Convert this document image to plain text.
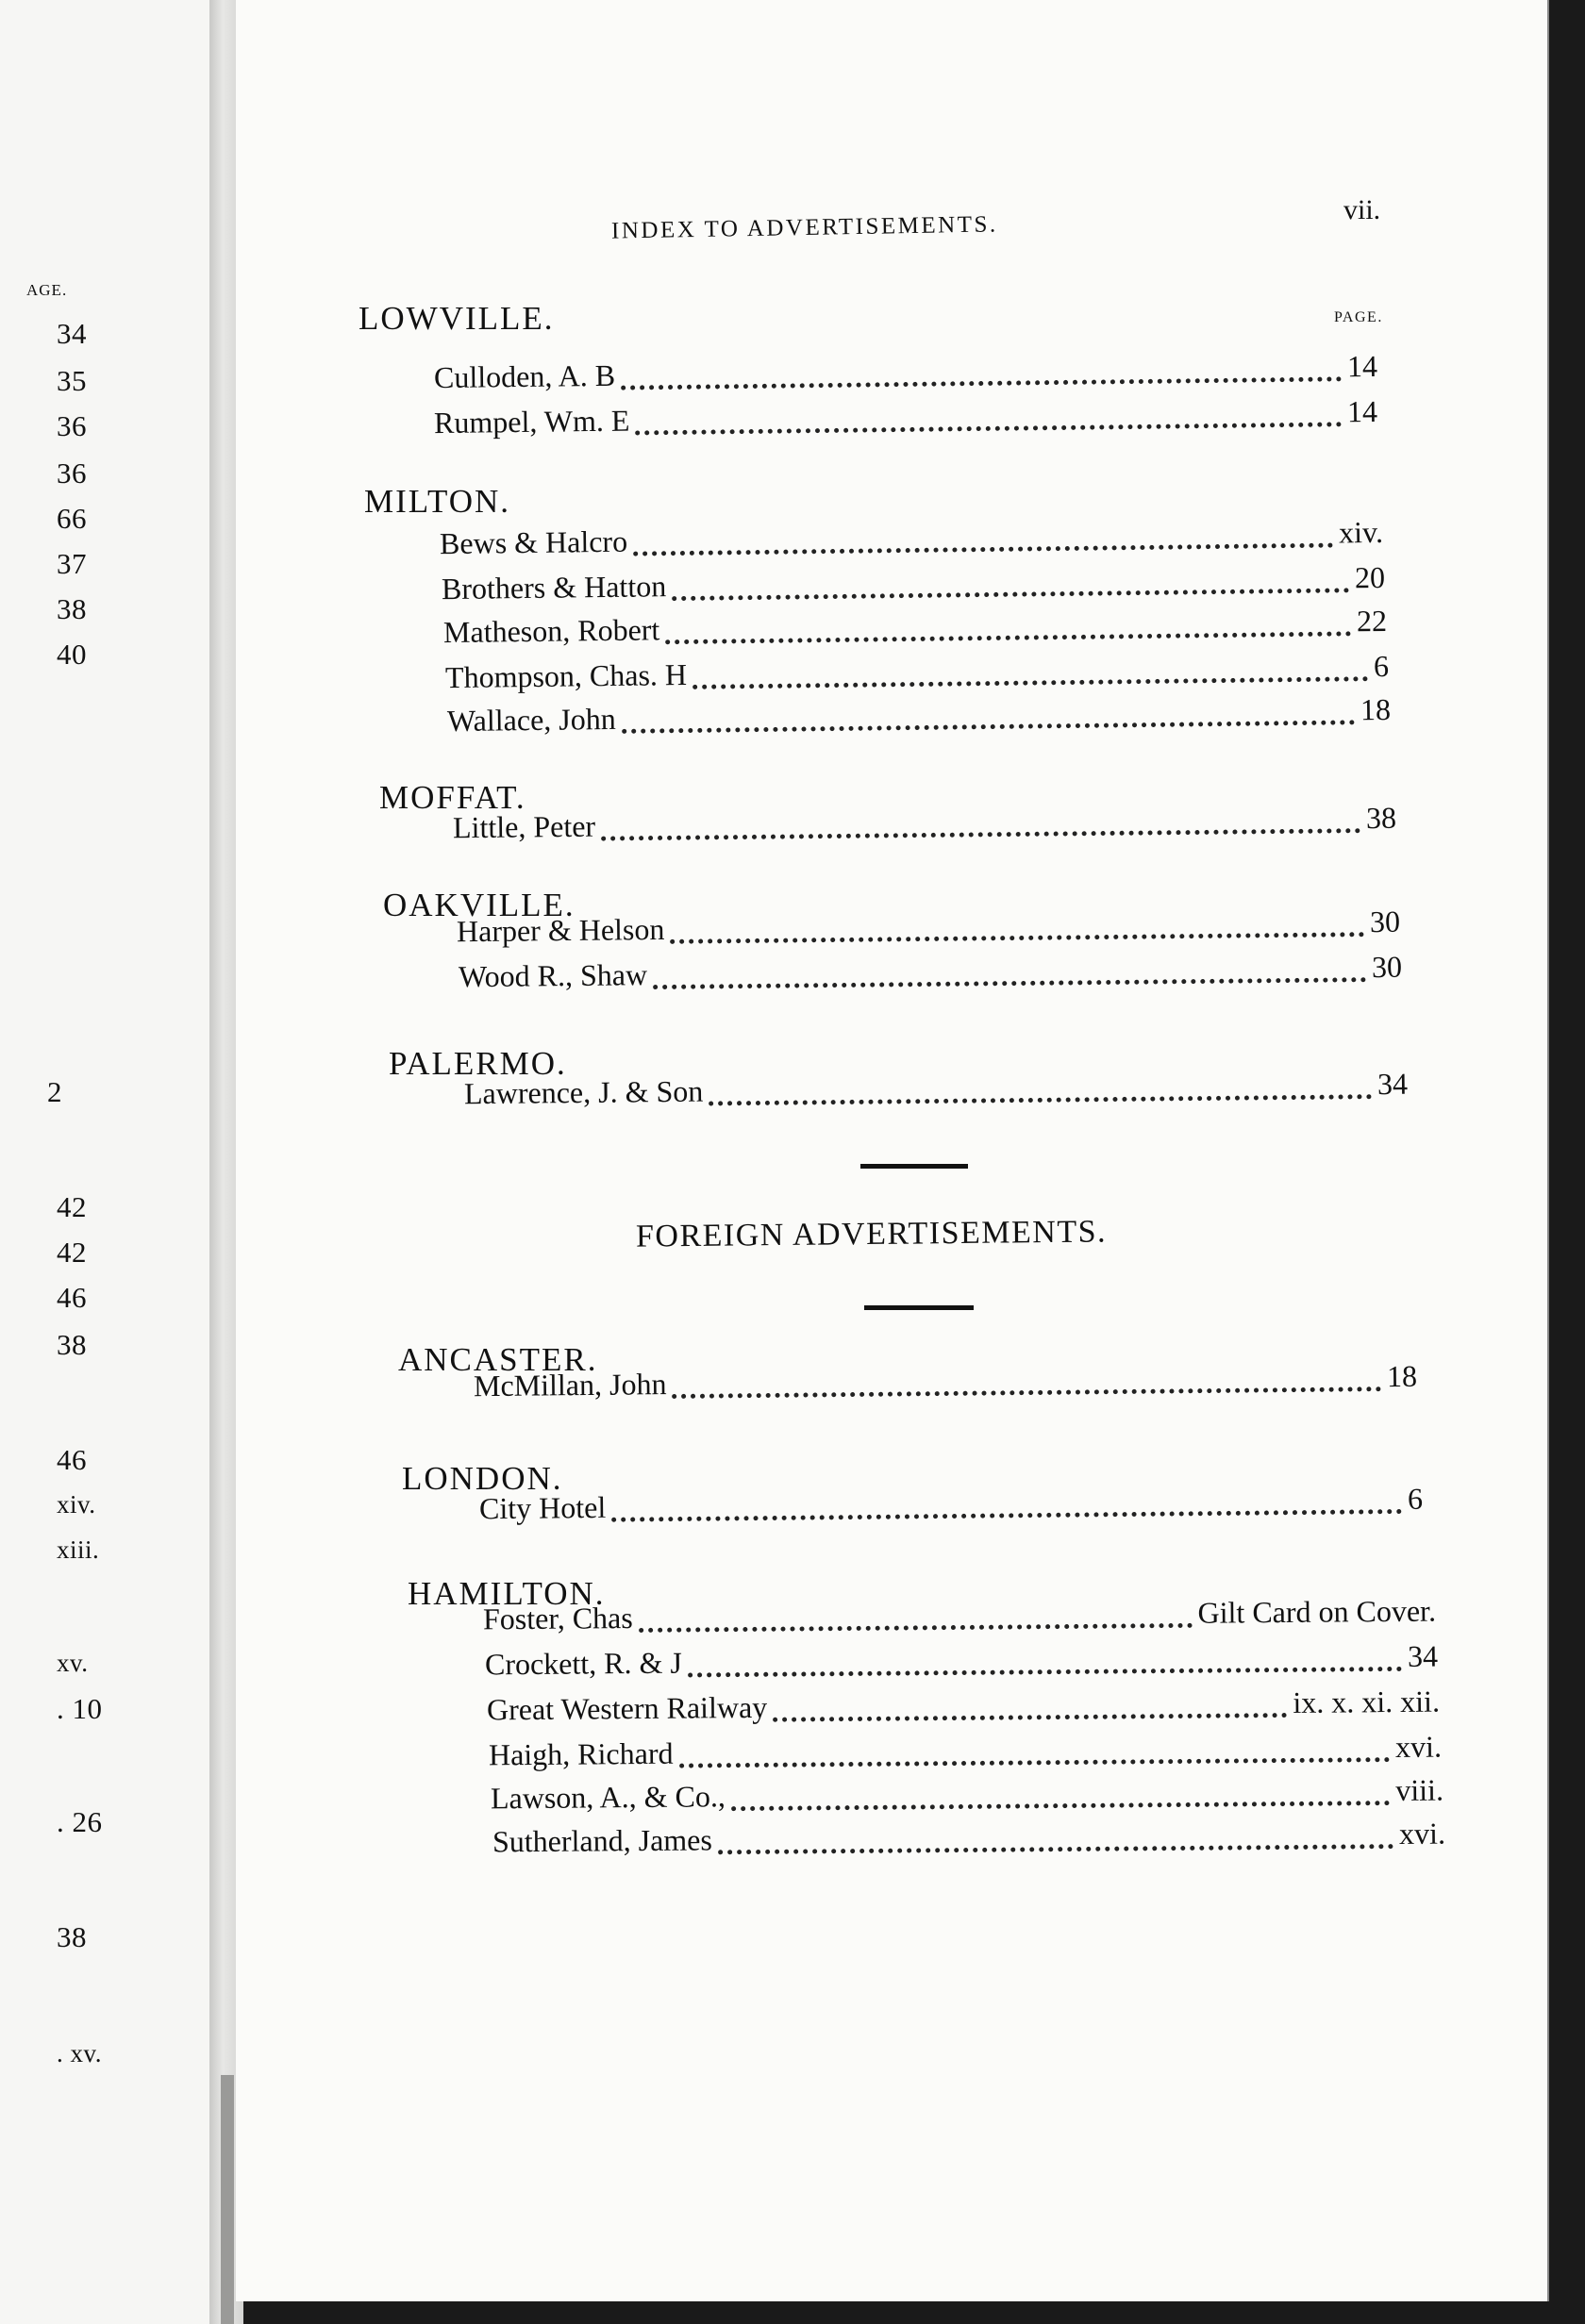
AGE.
34
35
36
36
66
37
38
40
2
42
42
46
38
46
xiv.
xiii.
xv.
. 10
. 26
38
. xv.
INDEX TO ADVERTISEMENTS.
vii.
PAGE.
LOWVILLE.
Culloden, A. B	14
Rumpel, Wm. E	14
MILTON.
Bews & Halcro	xiv.
Brothers & Hatton	20
Matheson, Robert	22
Thompson, Chas. H	6
Wallace, John	18
MOFFAT.
Little, Peter	38
OAKVILLE.
Harper & Helson	30
Wood R., Shaw	30
PALERMO.
Lawrence, J. & Son	34
FOREIGN ADVERTISEMENTS.
ANCASTER.
McMillan, John	18
LONDON.
City Hotel	6
HAMILTON.
Foster, Chas	Gilt Card on Cover.
Crockett, R. & J	34
Great Western Railway	ix. x. xi. xii.
Haigh, Richard	xvi.
Lawson, A., & Co.,	viii.
Sutherland, James	xvi.
